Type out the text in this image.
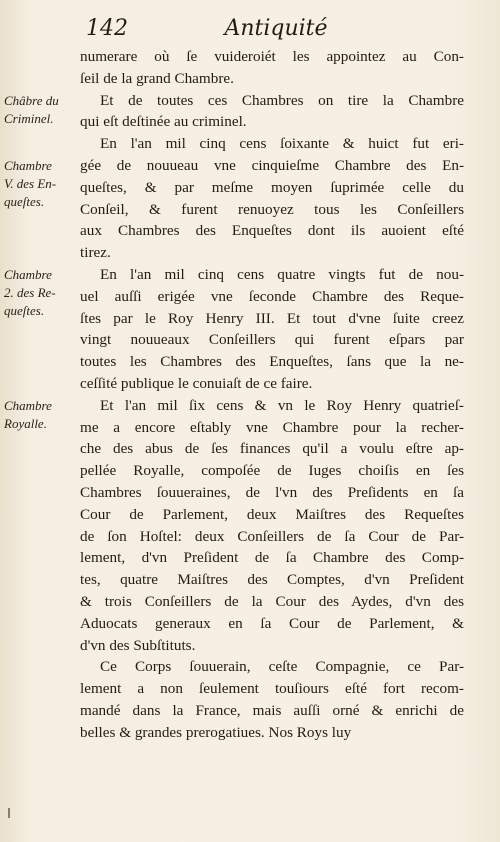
142	Antiquité
Châbre du
Criminel.
Chambre
V. des En-
queſtes.
Chambre
2. des Re-
queſtes.
Chambre
Royalle.
numerare où ſe vuideroiét les appointez au Con-
ſeil de la grand Chambre.
Et de toutes ces Chambres on tire la Chambre
qui eſt deſtinée au criminel.
En l'an mil cinq cens ſoixante & huict fut eri-
gée de nouueau vne cinquieſme Chambre des En-
queſtes, & par meſme moyen ſuprimée celle du
Conſeil, & furent renuoyez tous les Conſeillers
aux Chambres des Enqueſtes dont ils auoient eſté
tirez.
En l'an mil cinq cens quatre vingts fut de nou-
uel auſſi erigée vne ſeconde Chambre des Reque-
ſtes par le Roy Henry III. Et tout d'vne ſuite creez
vingt nouueaux Conſeillers qui furent eſpars par
toutes les Chambres des Enqueſtes, ſans que la ne-
ceſſité publique le conuiaſt de ce faire.
Et l'an mil ſix cens & vn le Roy Henry quatrieſ-
me a encore eſtably vne Chambre pour la recher-
che des abus de ſes finances qu'il a voulu eſtre ap-
pellée Royalle, compoſée de Iuges choiſis en ſes
Chambres ſouueraines, de l'vn des Preſidents en ſa
Cour de Parlement, deux Maiſtres des Requeſtes
de ſon Hoſtel: deux Conſeillers de ſa Cour de Par-
lement, d'vn Preſident de ſa Chambre des Comp-
tes, quatre Maiſtres des Comptes, d'vn Preſident
& trois Conſeillers de la Cour des Aydes, d'vn des
Aduocats generaux en ſa Cour de Parlement, &
d'vn des Subſtituts.
Ce Corps ſouuerain, ceſte Compagnie, ce Par-
lement a non ſeulement touſiours eſté fort recom-
mandé dans la France, mais auſſi orné & enrichi de
belles & grandes prerogatiues. Nos Roys luy
